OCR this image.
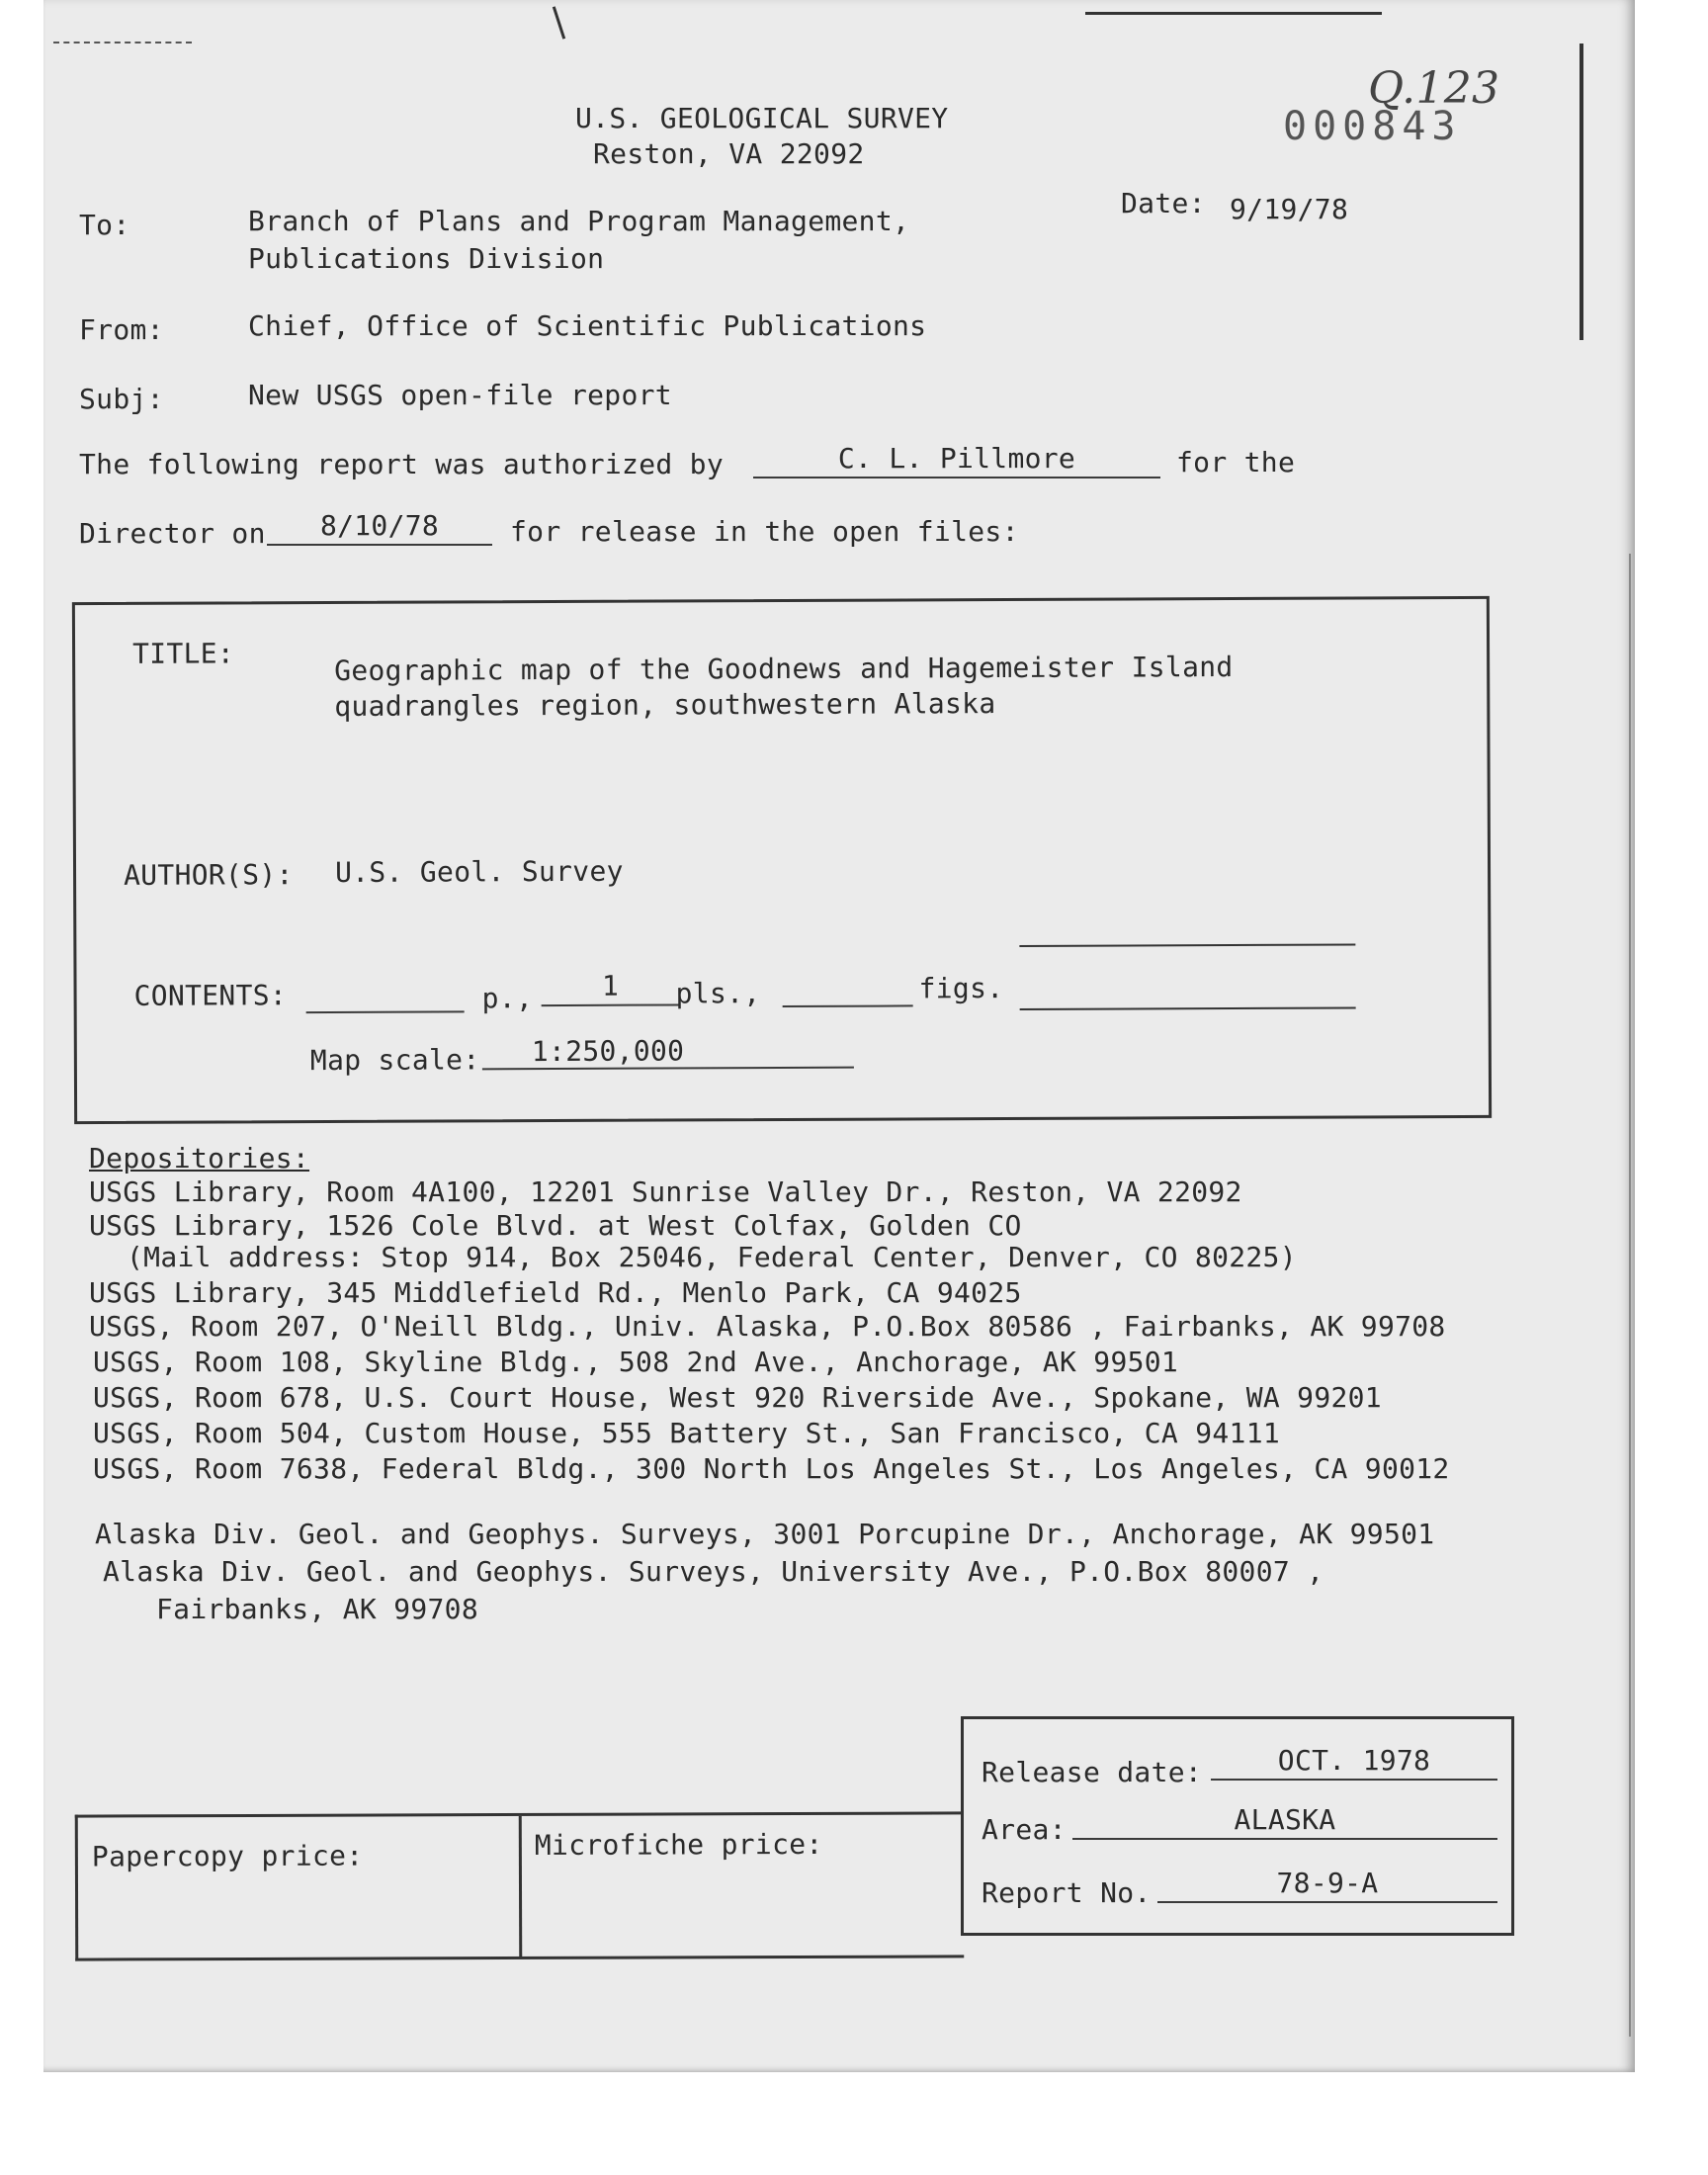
U.S. GEOLOGICAL SURVEY
Reston, VA 22092
000843
Q.123
Date: 9/19/78
To:	Branch of Plans and Program Management,
Publications Division
From:	Chief, Office of Scientific Publications
Subj:	New USGS open-file report
The following report was authorized by	C. L. Pillmore	for the
Director on	8/10/78	for release in the open files:
TITLE:	Geographic map of the Goodnews and Hagemeister Island
quadrangles region, southwestern Alaska
AUTHOR(S): U.S. Geol. Survey
CONTENTS:	p.,	1	pls.,	figs.
Map scale:	1:250,000
Depositories:
USGS Library, Room 4A100, 12201 Sunrise Valley Dr., Reston, VA 22092
USGS Library, 1526 Cole Blvd. at West Colfax, Golden CO
(Mail address: Stop 914, Box 25046, Federal Center, Denver, CO 80225)
USGS Library, 345 Middlefield Rd., Menlo Park, CA 94025
USGS, Room 207, O'Neill Bldg., Univ. Alaska, P.O.Box 80586 , Fairbanks, AK 99708
USGS, Room 108, Skyline Bldg., 508 2nd Ave., Anchorage, AK 99501
USGS, Room 678, U.S. Court House, West 920 Riverside Ave., Spokane, WA 99201
USGS, Room 504, Custom House, 555 Battery St., San Francisco, CA 94111
USGS, Room 7638, Federal Bldg., 300 North Los Angeles St., Los Angeles, CA 90012
Alaska Div. Geol. and Geophys. Surveys, 3001 Porcupine Dr., Anchorage, AK 99501
Alaska Div. Geol. and Geophys. Surveys, University Ave., P.O.Box 80007 ,
Fairbanks, AK 99708
Release date:	OCT. 1978
Area:	ALASKA
Report No.	78-9-A
Papercopy price:	Microfiche price:
